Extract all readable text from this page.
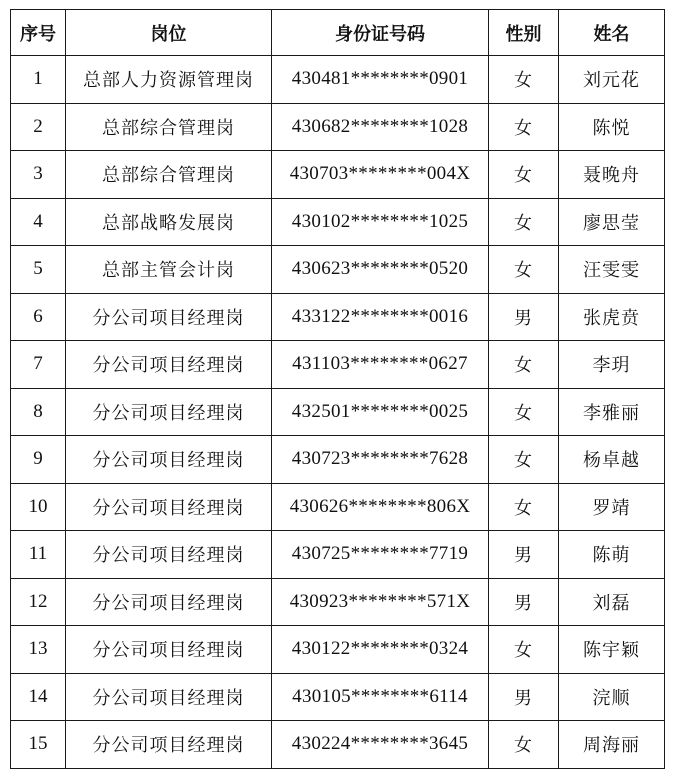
序号	岗位	身份证号码	性别	姓名
1	总部人力资源管理岗	430481********0901	女	刘元花
2	总部综合管理岗	430682********1028	女	陈悦
3	总部综合管理岗	430703********004X	女	聂晚舟
4	总部战略发展岗	430102********1025	女	廖思莹
5	总部主管会计岗	430623********0520	女	汪雯雯
6	分公司项目经理岗	433122********0016	男	张虎贲
7	分公司项目经理岗	431103********0627	女	李玥
8	分公司项目经理岗	432501********0025	女	李雅丽
9	分公司项目经理岗	430723********7628	女	杨卓越
10	分公司项目经理岗	430626********806X	女	罗靖
11	分公司项目经理岗	430725********7719	男	陈萌
12	分公司项目经理岗	430923********571X	男	刘磊
13	分公司项目经理岗	430122********0324	女	陈宇颖
14	分公司项目经理岗	430105********6114	男	浣顺
15	分公司项目经理岗	430224********3645	女	周海丽
